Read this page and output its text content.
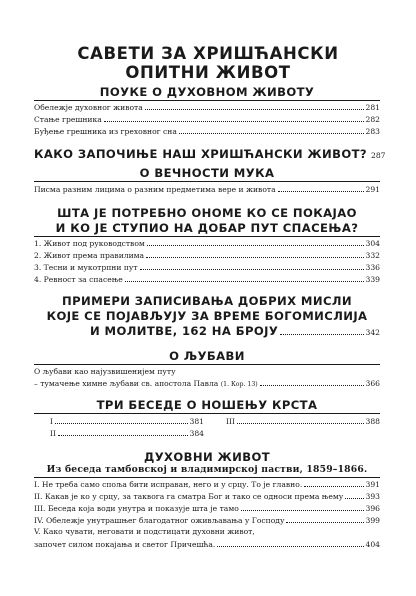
САВЕТИ ЗА ХРИШЋАНСКИ
ОПИТНИ ЖИВОТ
ПОУКЕ О ДУХОВНОМ ЖИВОТУ
Обележје духовног живота	281
Стање грешника	282
Буђење грешника из греховног сна	283
КАКО ЗАПОЧИЊЕ НАШ ХРИШЋАНСКИ ЖИВОТ? 287
О ВЕЧНОСТИ МУКА
Писма разним лицима о разним предметима вере и живота	291
ШТА ЈЕ ПОТРЕБНО ОНОМЕ КО СЕ ПОКАЈАО
И КО ЈЕ СТУПИО НА ДОБАР ПУТ СПАСЕЊА?
1. Живот под руководством	304
2. Живот према правилима	332
3. Тесни и мукотрпни пут	336
4. Ревност за спасење	339
ПРИМЕРИ ЗАПИСИВАЊА ДОБРИХ МИСЛИ
КОЈЕ СЕ ПОЈАВЉУЈУ ЗА ВРЕМЕ БОГОМИСЛИЈА
И МОЛИТВЕ, 162 НА БРОЈУ	342
О ЉУБАВИ
О љубави као најузвишенијем путу
– тумачење химне љубави св. апостола Павла (1. Кор. 13)	366
ТРИ БЕСЕДЕ О НОШЕЊУ КРСТА
I	381	III	388
II	384
ДУХОВНИ ЖИВОТ
Из беседа тамбовској и владимирској пастви, 1859–1866.
I. Не треба само споља бити исправан, него и у срцу. То је главно.	391
II. Какав је ко у срцу, за таквога га сматра Бог и тако се односи према њему	393
III. Беседа која води унутра и показује шта је тамо	396
IV. Обележје унутрашњег благодатног оживљавања у Господу	399
V. Како чувати, неговати и подстицати духовни живот,
започет силом покајања и светог Причешћа.	404
